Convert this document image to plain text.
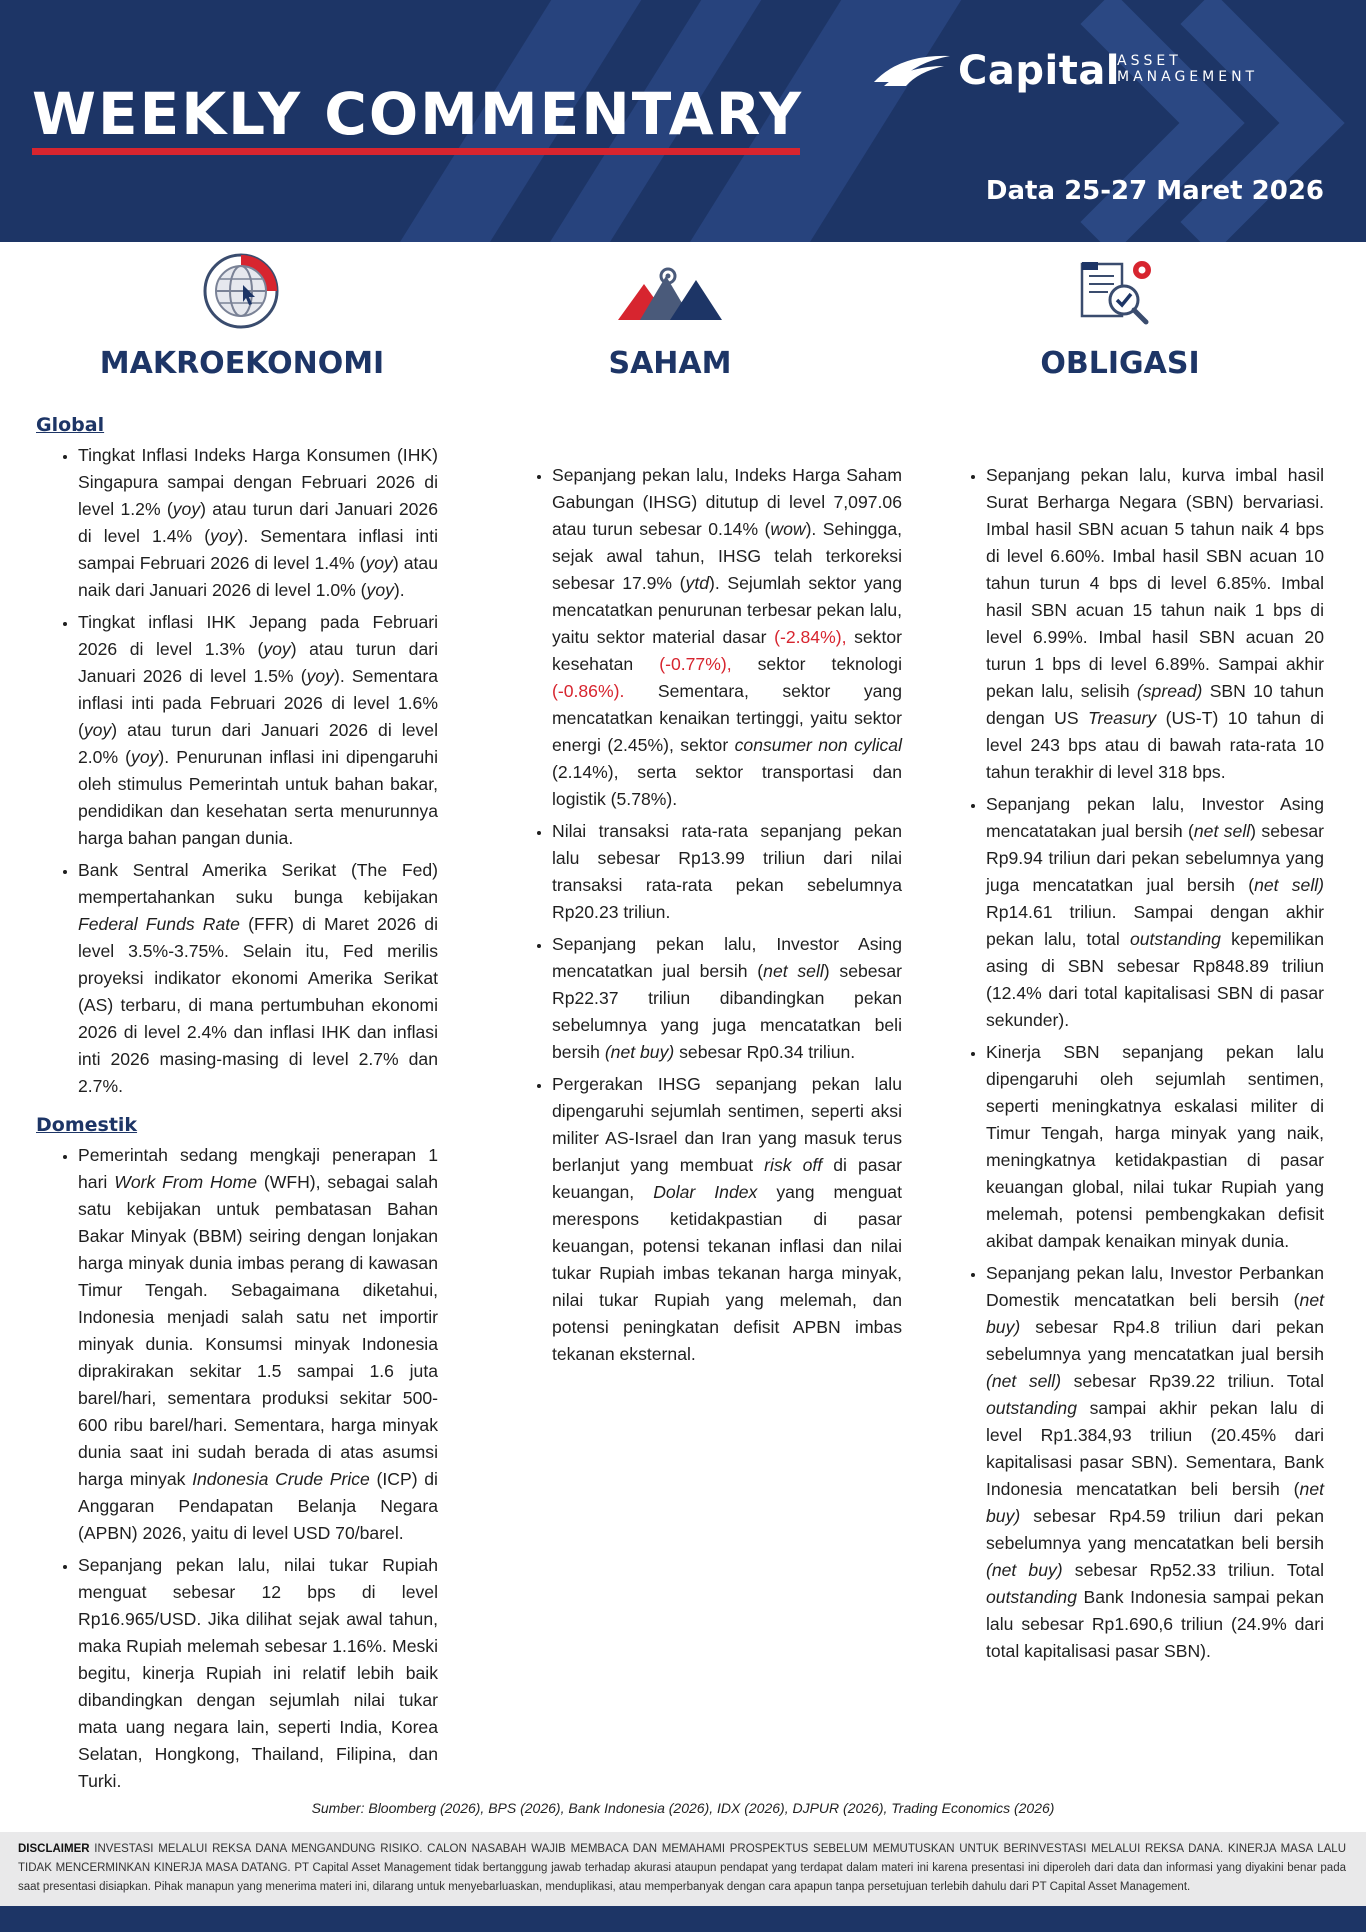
WEEKLY COMMENTARY
Capital
ASSET MANAGEMENT
Data 25-27 Maret 2026
MAKROEKONOMI	SAHAM	OBLIGASI
Global
• Tingkat Inflasi Indeks Harga Konsumen (IHK) Singapura sampai dengan Februari 2026 di level 1.2% (yoy) atau turun dari Januari 2026 di level 1.4% (yoy). Sementara inflasi inti sampai Februari 2026 di level 1.4% (yoy) atau naik dari Januari 2026 di level 1.0% (yoy).
• Tingkat inflasi IHK Jepang pada Februari 2026 di level 1.3% (yoy) atau turun dari Januari 2026 di level 1.5% (yoy). Sementara inflasi inti pada Februari 2026 di level 1.6% (yoy) atau turun dari Januari 2026 di level 2.0% (yoy). Penurunan inflasi ini dipengaruhi oleh stimulus Pemerintah untuk bahan bakar, pendidikan dan kesehatan serta menurunnya harga bahan pangan dunia.
• Bank Sentral Amerika Serikat (The Fed) mempertahankan suku bunga kebijakan Federal Funds Rate (FFR) di Maret 2026 di level 3.5%-3.75%. Selain itu, Fed merilis proyeksi indikator ekonomi Amerika Serikat (AS) terbaru, di mana pertumbuhan ekonomi 2026 di level 2.4% dan inflasi IHK dan inflasi inti 2026 masing-masing di level 2.7% dan 2.7%.
Domestik
• Pemerintah sedang mengkaji penerapan 1 hari Work From Home (WFH), sebagai salah satu kebijakan untuk pembatasan Bahan Bakar Minyak (BBM) seiring dengan lonjakan harga minyak dunia imbas perang di kawasan Timur Tengah. Sebagaimana diketahui, Indonesia menjadi salah satu net importir minyak dunia. Konsumsi minyak Indonesia diprakirakan sekitar 1.5 sampai 1.6 juta barel/hari, sementara produksi sekitar 500-600 ribu barel/hari. Sementara, harga minyak dunia saat ini sudah berada di atas asumsi harga minyak Indonesia Crude Price (ICP) di Anggaran Pendapatan Belanja Negara (APBN) 2026, yaitu di level USD 70/barel.
• Sepanjang pekan lalu, nilai tukar Rupiah menguat sebesar 12 bps di level Rp16.965/USD. Jika dilihat sejak awal tahun, maka Rupiah melemah sebesar 1.16%. Meski begitu, kinerja Rupiah ini relatif lebih baik dibandingkan dengan sejumlah nilai tukar mata uang negara lain, seperti India, Korea Selatan, Hongkong, Thailand, Filipina, dan Turki.
• Sepanjang pekan lalu, Indeks Harga Saham Gabungan (IHSG) ditutup di level 7,097.06 atau turun sebesar 0.14% (wow). Sehingga, sejak awal tahun, IHSG telah terkoreksi sebesar 17.9% (ytd). Sejumlah sektor yang mencatatkan penurunan terbesar pekan lalu, yaitu sektor material dasar (-2.84%), sektor kesehatan (-0.77%), sektor teknologi (-0.86%). Sementara, sektor yang mencatatkan kenaikan tertinggi, yaitu sektor energi (2.45%), sektor consumer non cylical (2.14%), serta sektor transportasi dan logistik (5.78%).
• Nilai transaksi rata-rata sepanjang pekan lalu sebesar Rp13.99 triliun dari nilai transaksi rata-rata pekan sebelumnya Rp20.23 triliun.
• Sepanjang pekan lalu, Investor Asing mencatatkan jual bersih (net sell) sebesar Rp22.37 triliun dibandingkan pekan sebelumnya yang juga mencatatkan beli bersih (net buy) sebesar Rp0.34 triliun.
• Pergerakan IHSG sepanjang pekan lalu dipengaruhi sejumlah sentimen, seperti aksi militer AS-Israel dan Iran yang masuk terus berlanjut yang membuat risk off di pasar keuangan, Dolar Index yang menguat merespons ketidakpastian di pasar keuangan, potensi tekanan inflasi dan nilai tukar Rupiah imbas tekanan harga minyak, nilai tukar Rupiah yang melemah, dan potensi peningkatan defisit APBN imbas tekanan eksternal.
• Sepanjang pekan lalu, kurva imbal hasil Surat Berharga Negara (SBN) bervariasi. Imbal hasil SBN acuan 5 tahun naik 4 bps di level 6.60%. Imbal hasil SBN acuan 10 tahun turun 4 bps di level 6.85%. Imbal hasil SBN acuan 15 tahun naik 1 bps di level 6.99%. Imbal hasil SBN acuan 20 turun 1 bps di level 6.89%. Sampai akhir pekan lalu, selisih (spread) SBN 10 tahun dengan US Treasury (US-T) 10 tahun di level 243 bps atau di bawah rata-rata 10 tahun terakhir di level 318 bps.
• Sepanjang pekan lalu, Investor Asing mencatatakan jual bersih (net sell) sebesar Rp9.94 triliun dari pekan sebelumnya yang juga mencatatkan jual bersih (net sell) Rp14.61 triliun. Sampai dengan akhir pekan lalu, total outstanding kepemilikan asing di SBN sebesar Rp848.89 triliun (12.4% dari total kapitalisasi SBN di pasar sekunder).
• Kinerja SBN sepanjang pekan lalu dipengaruhi oleh sejumlah sentimen, seperti meningkatnya eskalasi militer di Timur Tengah, harga minyak yang naik, meningkatnya ketidakpastian di pasar keuangan global, nilai tukar Rupiah yang melemah, potensi pembengkakan defisit akibat dampak kenaikan minyak dunia.
• Sepanjang pekan lalu, Investor Perbankan Domestik mencatatkan beli bersih (net buy) sebesar Rp4.8 triliun dari pekan sebelumnya yang mencatatkan jual bersih (net sell) sebesar Rp39.22 triliun. Total outstanding sampai akhir pekan lalu di level Rp1.384,93 triliun (20.45% dari kapitalisasi pasar SBN). Sementara, Bank Indonesia mencatatkan beli bersih (net buy) sebesar Rp4.59 triliun dari pekan sebelumnya yang mencatatkan beli bersih (net buy) sebesar Rp52.33 triliun. Total outstanding Bank Indonesia sampai pekan lalu sebesar Rp1.690,6 triliun (24.9% dari total kapitalisasi pasar SBN).
Sumber: Bloomberg (2026), BPS (2026), Bank Indonesia (2026), IDX (2026), DJPUR (2026), Trading Economics (2026)
DISCLAIMER INVESTASI MELALUI REKSA DANA MENGANDUNG RISIKO. CALON NASABAH WAJIB MEMBACA DAN MEMAHAMI PROSPEKTUS SEBELUM MEMUTUSKAN UNTUK BERINVESTASI MELALUI REKSA DANA. KINERJA MASA LALU TIDAK MENCERMINKAN KINERJA MASA DATANG. PT Capital Asset Management tidak bertanggung jawab terhadap akurasi ataupun pendapat yang terdapat dalam materi ini karena presentasi ini diperoleh dari data dan informasi yang diyakini benar pada saat presentasi disiapkan. Pihak manapun yang menerima materi ini, dilarang untuk menyebarluaskan, menduplikasi, atau memperbanyak dengan cara apapun tanpa persetujuan terlebih dahulu dari PT Capital Asset Management.
